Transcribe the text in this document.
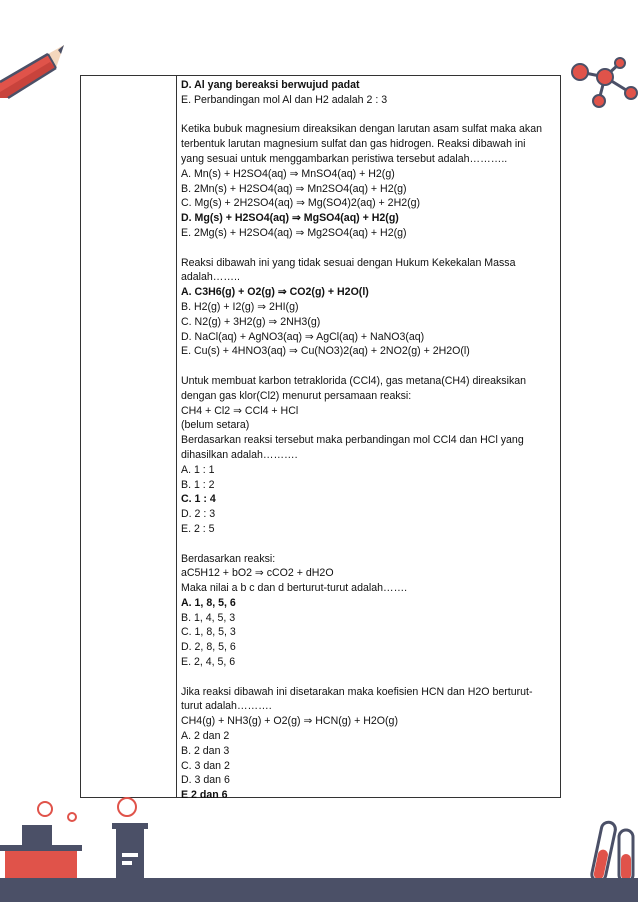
D. Al yang bereaksi berwujud padat
E. Perbandingan mol Al dan H2 adalah 2 : 3
Ketika bubuk magnesium direaksikan dengan larutan asam sulfat maka akan
terbentuk larutan magnesium sulfat dan gas hidrogen. Reaksi dibawah ini
yang sesuai untuk menggambarkan peristiwa tersebut adalah………..
A. Mn(s) + H2SO4(aq) ⇒ MnSO4(aq) + H2(g)
B. 2Mn(s) + H2SO4(aq) ⇒ Mn2SO4(aq) + H2(g)
C. Mg(s) + 2H2SO4(aq) ⇒ Mg(SO4)2(aq) + 2H2(g)
D. Mg(s) + H2SO4(aq) ⇒ MgSO4(aq) + H2(g)
E. 2Mg(s) + H2SO4(aq) ⇒ Mg2SO4(aq) + H2(g)
Reaksi dibawah ini yang tidak sesuai dengan Hukum Kekekalan Massa
adalah……..
A. C3H6(g) + O2(g) ⇒ CO2(g) + H2O(l)
B. H2(g) + I2(g) ⇒ 2HI(g)
C. N2(g) + 3H2(g) ⇒ 2NH3(g)
D. NaCl(aq) + AgNO3(aq) ⇒ AgCl(aq) + NaNO3(aq)
E. Cu(s) + 4HNO3(aq) ⇒ Cu(NO3)2(aq) + 2NO2(g) + 2H2O(l)
Untuk membuat karbon tetraklorida (CCl4), gas metana(CH4) direaksikan
dengan gas klor(Cl2) menurut persamaan reaksi:
CH4 + Cl2 ⇒ CCl4 + HCl
(belum setara)
Berdasarkan reaksi tersebut maka perbandingan mol CCl4 dan HCl yang
dihasilkan adalah……….
A. 1 : 1
B. 1 : 2
C. 1 : 4
D. 2 : 3
E. 2 : 5
Berdasarkan reaksi:
aC5H12 + bO2 ⇒ cCO2 + dH2O
Maka nilai a b c dan d berturut-turut adalah…….
A. 1, 8, 5, 6
B. 1, 4, 5, 3
C. 1, 8, 5, 3
D. 2, 8, 5, 6
E. 2, 4, 5, 6
Jika reaksi dibawah ini disetarakan maka koefisien HCN dan H2O berturut-
turut adalah……….
CH4(g) + NH3(g) + O2(g) ⇒ HCN(g) + H2O(g)
A. 2 dan 2
B. 2 dan 3
C. 3 dan 2
D. 3 dan 6
E 2 dan 6
